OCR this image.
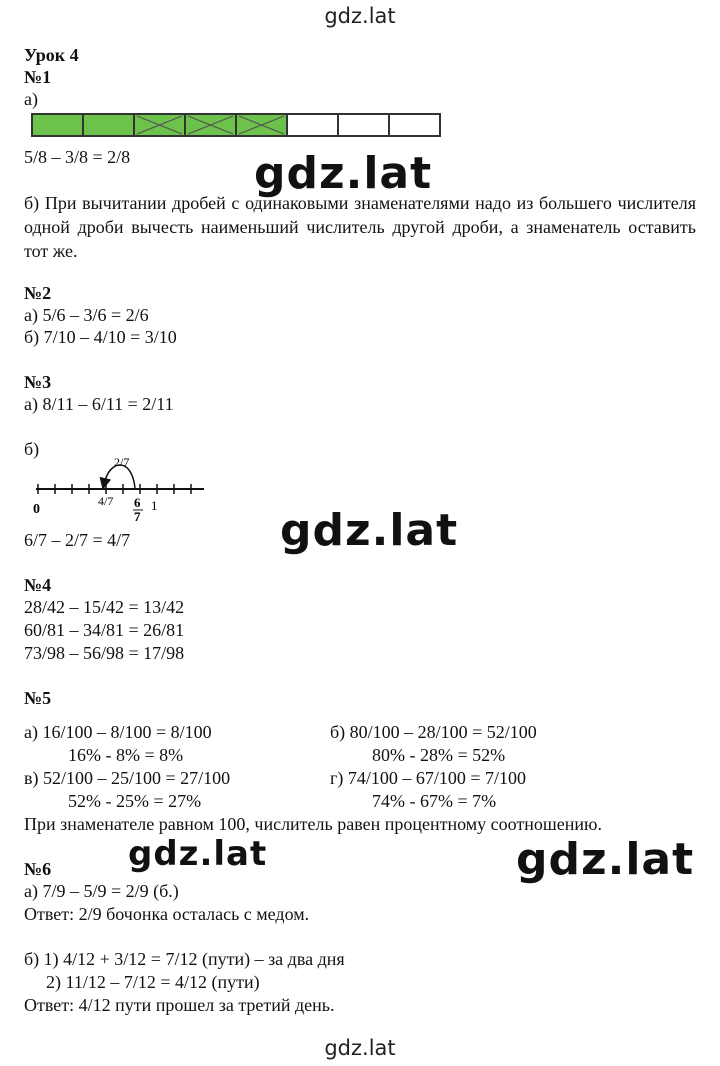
gdz.lat
gdz.lat
gdz.lat
gdz.lat
gdz.lat	gdz.lat
Урок 4
№1
а)
5/8 – 3/8 = 2/8
б) При вычитании дробей с одинаковыми знаменателями надо из большего числителя одной дроби вычесть наименьший числитель другой дроби, а знаменатель оставить тот же.
№2
а) 5/6 – 3/6 = 2/6
б) 7/10 – 4/10 = 3/10
№3
а) 8/11 – 6/11 = 2/11
б)
2/7
4/7 6
7
1
0
6/7 – 2/7 = 4/7
№4
28/42 – 15/42 = 13/42
60/81 – 34/81 = 26/81
73/98 – 56/98 = 17/98
№5
а) 16/100 – 8/100 = 8/100
16% - 8% = 8%
б) 80/100 – 28/100 = 52/100
80% - 28% = 52%
в) 52/100 – 25/100 = 27/100
52% - 25% = 27%
г) 74/100 – 67/100 = 7/100
74% - 67% = 7%
При знаменателе равном 100, числитель равен процентному соотношению.
№6
а) 7/9 – 5/9 = 2/9 (б.)
Ответ: 2/9 бочонка осталась с медом.
б) 1) 4/12 + 3/12 = 7/12 (пути) – за два дня
2) 11/12 – 7/12 = 4/12 (пути)
Ответ: 4/12 пути прошел за третий день.
